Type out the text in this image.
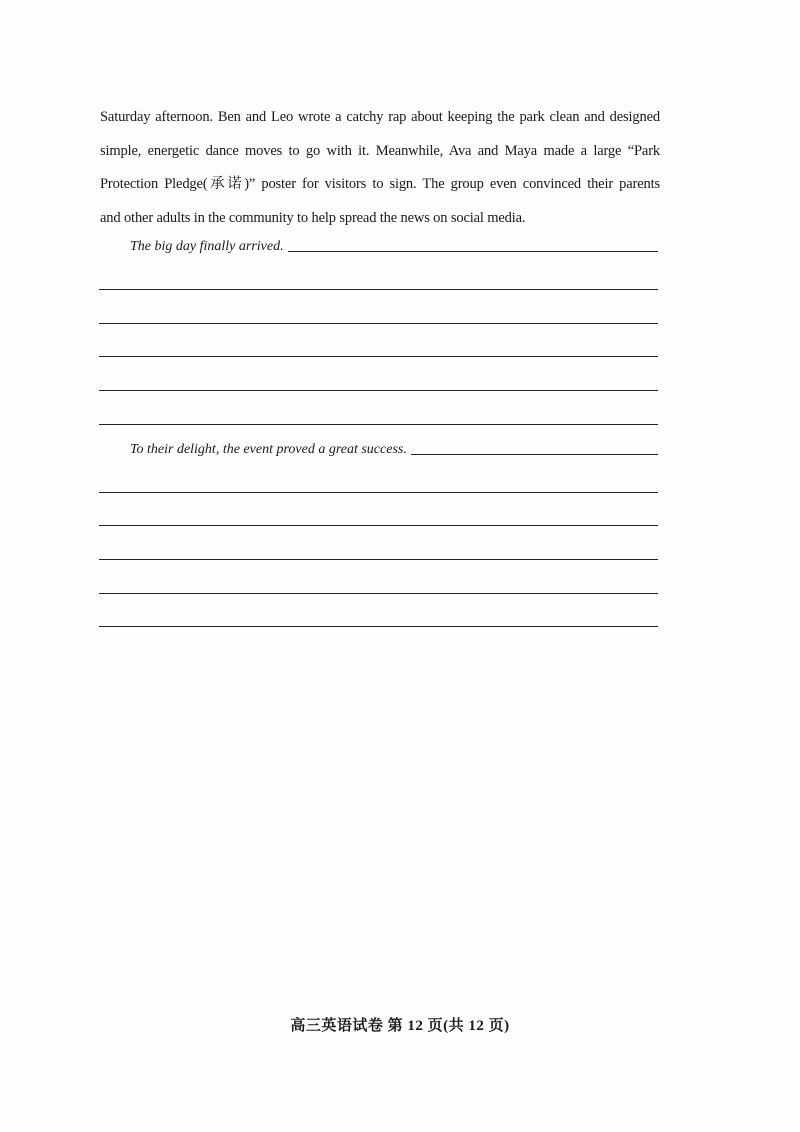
Saturday afternoon. Ben and Leo wrote a catchy rap about keeping the park clean and designed
simple, energetic dance moves to go with it. Meanwhile, Ava and Maya made a large “Park
Protection Pledge(承诺)” poster for visitors to sign. The group even convinced their parents
and other adults in the community to help spread the news on social media.
The big day finally arrived.
To their delight, the event proved a great success.
高三英语试卷 第 12 页(共 12 页)
